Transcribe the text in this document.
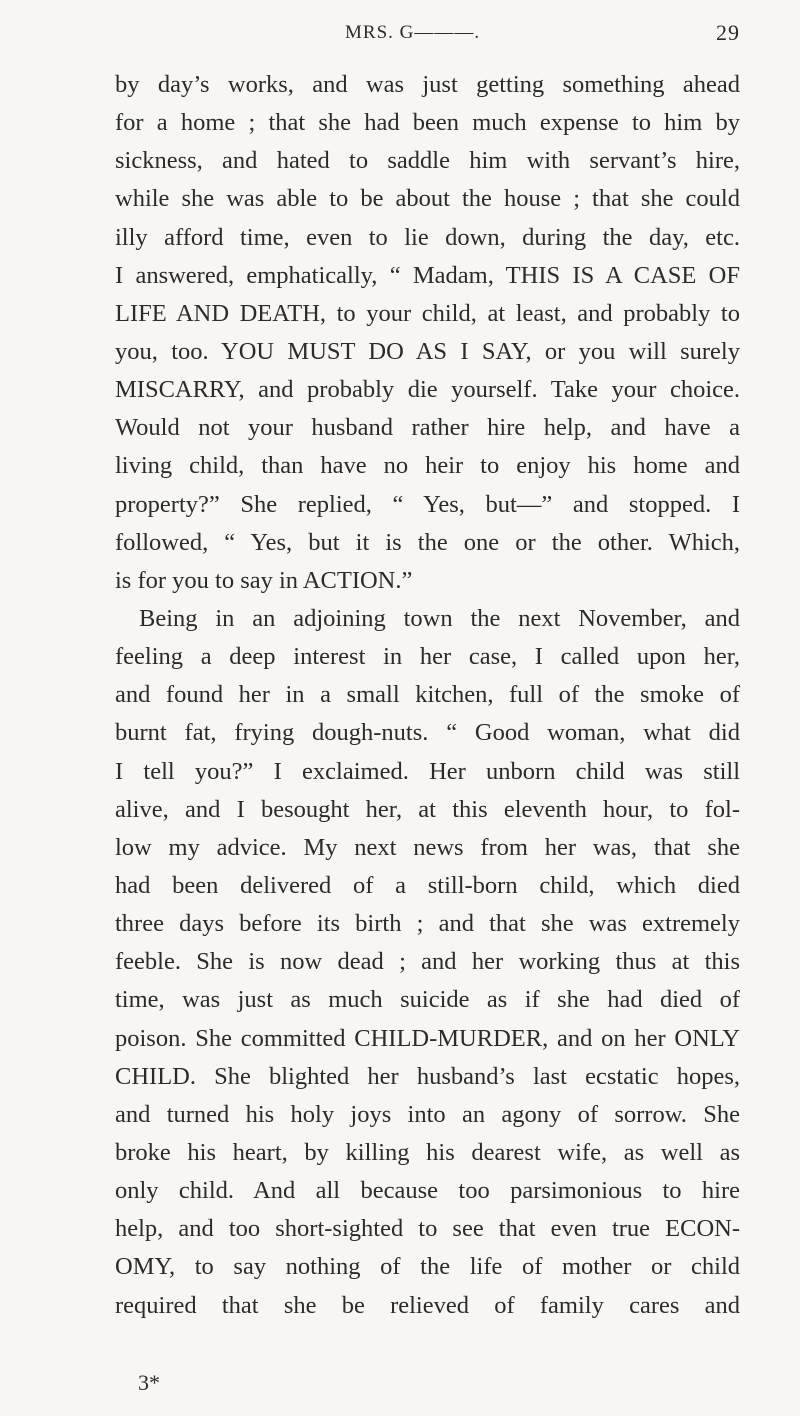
MRS. G———.	29
by day’s works, and was just getting something ahead
for a home ; that she had been much expense to him by
sickness, and hated to saddle him with servant’s hire,
while she was able to be about the house ; that she could
illy afford time, even to lie down, during the day, etc.
I answered, emphatically, “ Madam, THIS IS A CASE OF
LIFE AND DEATH, to your child, at least, and probably to
you, too. YOU MUST DO AS I SAY, or you will surely
MISCARRY, and probably die yourself. Take your choice.
Would not your husband rather hire help, and have a
living child, than have no heir to enjoy his home and
property?” She replied, “ Yes, but—” and stopped. I
followed, “ Yes, but it is the one or the other. Which,
is for you to say in ACTION.”
Being in an adjoining town the next November, and
feeling a deep interest in her case, I called upon her,
and found her in a small kitchen, full of the smoke of
burnt fat, frying dough-nuts. “ Good woman, what did
I tell you?” I exclaimed. Her unborn child was still
alive, and I besought her, at this eleventh hour, to fol-
low my advice. My next news from her was, that she
had been delivered of a still-born child, which died
three days before its birth ; and that she was extremely
feeble. She is now dead ; and her working thus at this
time, was just as much suicide as if she had died of
poison. She committed CHILD-MURDER, and on her ONLY
CHILD. She blighted her husband’s last ecstatic hopes,
and turned his holy joys into an agony of sorrow. She
broke his heart, by killing his dearest wife, as well as
only child. And all because too parsimonious to hire
help, and too short-sighted to see that even true ECON-
OMY, to say nothing of the life of mother or child
required that she be relieved of family cares and
3*
